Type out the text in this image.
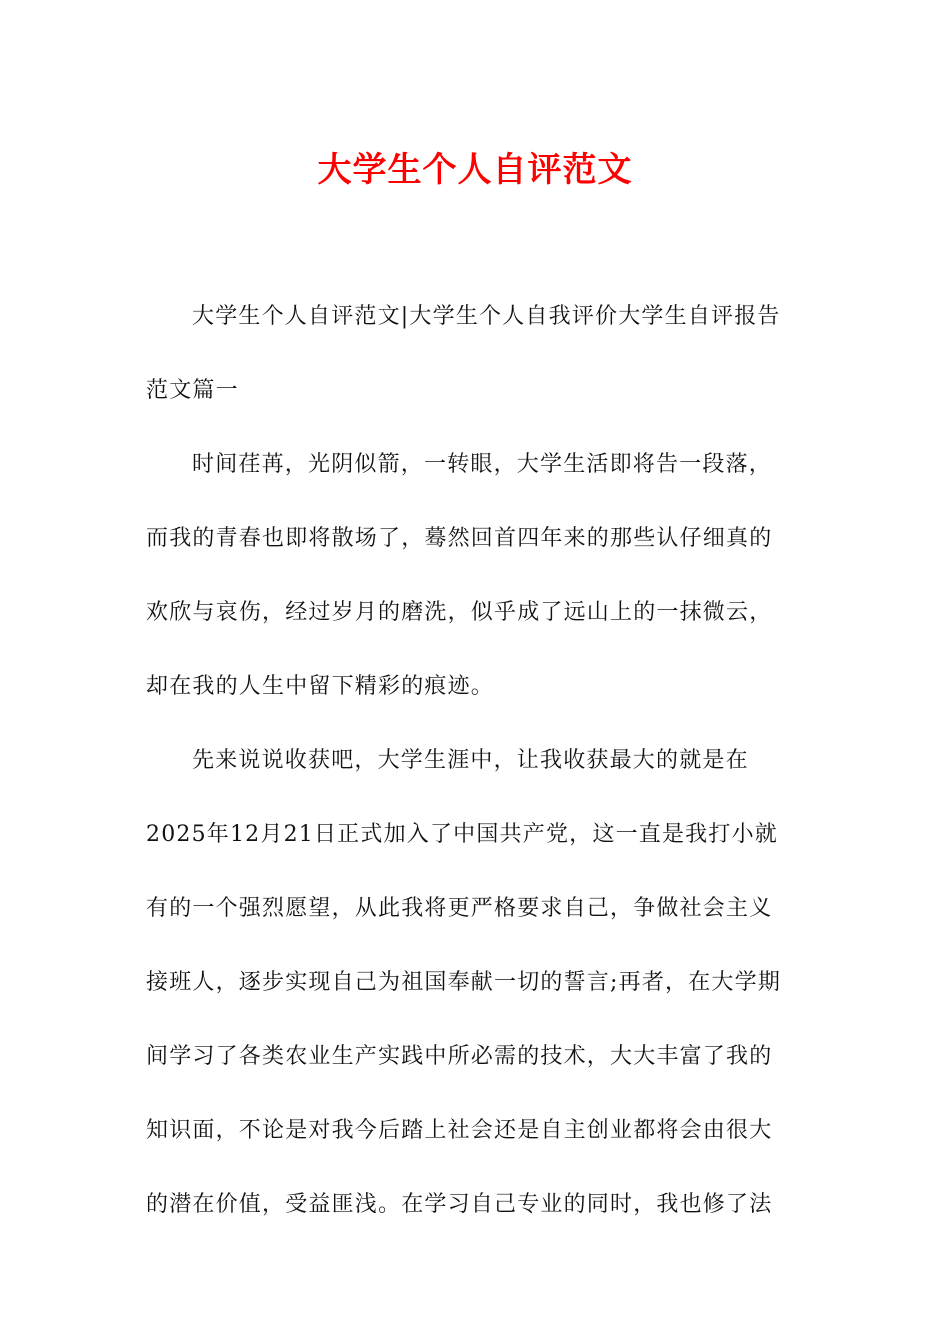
大学生个人自评范文

大学生个人自评范文|大学生个人自我评价大学生自评报告
范文篇一

时间荏苒，光阴似箭，一转眼，大学生活即将告一段落，
而我的青春也即将散场了，蓦然回首四年来的那些认仔细真的
欢欣与哀伤，经过岁月的磨洗，似乎成了远山上的一抹微云，
却在我的人生中留下精彩的痕迹。

先来说说收获吧，大学生涯中，让我收获最大的就是在
2025年12月21日正式加入了中国共产党，这一直是我打小就
有的一个强烈愿望，从此我将更严格要求自己，争做社会主义
接班人，逐步实现自己为祖国奉献一切的誓言;再者，在大学期
间学习了各类农业生产实践中所必需的技术，大大丰富了我的
知识面，不论是对我今后踏上社会还是自主创业都将会由很大
的潜在价值，受益匪浅。在学习自己专业的同时，我也修了法
